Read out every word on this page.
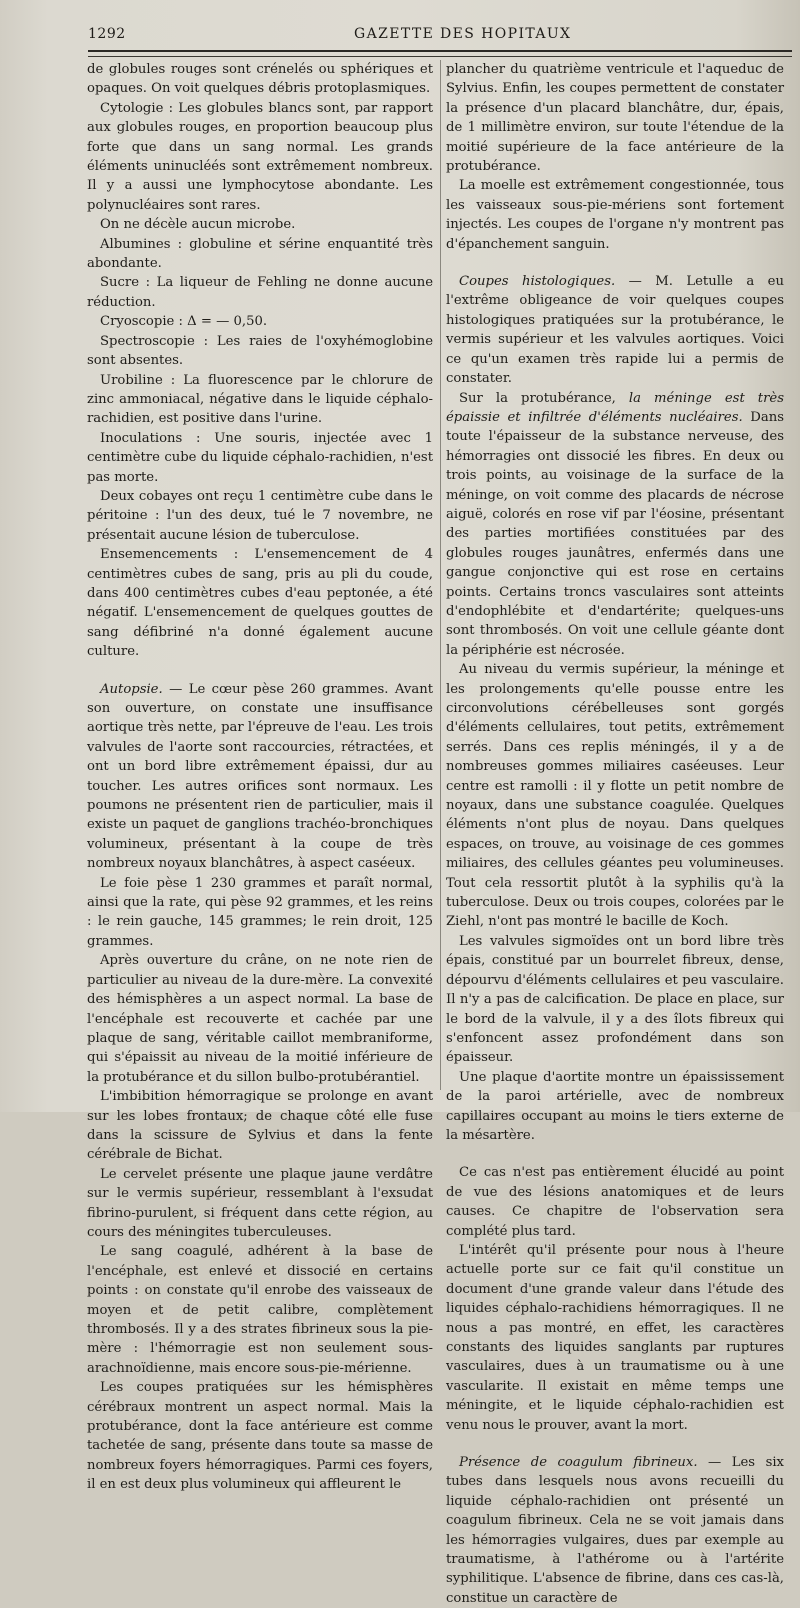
1292	GAZETTE DES HOPITAUX

de globules rouges sont crénelés ou sphériques et opaques. On voit quelques débris protoplasmiques.

Cytologie : Les globules blancs sont, par rapport aux globules rouges, en proportion beaucoup plus forte que dans un sang normal. Les grands éléments uninucléés sont extrêmement nombreux. Il y a aussi une lymphocytose abondante. Les polynucléaires sont rares.

On ne décèle aucun microbe.

Albumines : globuline et sérine enquantité très abondante.

Sucre : La liqueur de Fehling ne donne aucune réduction.

Cryoscopie : Δ = — 0,50.

Spectroscopie : Les raies de l'oxyhémoglobine sont absentes.

Urobiline : La fluorescence par le chlorure de zinc ammoniacal, négative dans le liquide céphalo-rachidien, est positive dans l'urine.

Inoculations : Une souris, injectée avec 1 centimètre cube du liquide céphalo-rachidien, n'est pas morte.

Deux cobayes ont reçu 1 centimètre cube dans le péritoine : l'un des deux, tué le 7 novembre, ne présentait aucune lésion de tuberculose.

Ensemencements : L'ensemencement de 4 centimètres cubes de sang, pris au pli du coude, dans 400 centimètres cubes d'eau peptonée, a été négatif. L'ensemencement de quelques gouttes de sang défibriné n'a donné également aucune culture.

Autopsie. — Le cœur pèse 260 grammes. Avant son ouverture, on constate une insuffisance aortique très nette, par l'épreuve de l'eau. Les trois valvules de l'aorte sont raccourcies, rétractées, et ont un bord libre extrêmement épaissi, dur au toucher. Les autres orifices sont normaux. Les poumons ne présentent rien de particulier, mais il existe un paquet de ganglions trachéo-bronchiques volumineux, présentant à la coupe de très nombreux noyaux blanchâtres, à aspect caséeux.

Le foie pèse 1 230 grammes et paraît normal, ainsi que la rate, qui pèse 92 grammes, et les reins : le rein gauche, 145 grammes; le rein droit, 125 grammes.

Après ouverture du crâne, on ne note rien de particulier au niveau de la dure-mère. La convexité des hémisphères a un aspect normal. La base de l'encéphale est recouverte et cachée par une plaque de sang, véritable caillot membraniforme, qui s'épaissit au niveau de la moitié inférieure de la protubérance et du sillon bulbo-protubérantiel.

L'imbibition hémorragique se prolonge en avant sur les lobes frontaux; de chaque côté elle fuse dans la scissure de Sylvius et dans la fente cérébrale de Bichat.

Le cervelet présente une plaque jaune verdâtre sur le vermis supérieur, ressemblant à l'exsudat fibrino-purulent, si fréquent dans cette région, au cours des méningites tuberculeuses.

Le sang coagulé, adhérent à la base de l'encéphale, est enlevé et dissocié en certains points : on constate qu'il enrobe des vaisseaux de moyen et de petit calibre, complètement thrombosés. Il y a des strates fibrineux sous la pie-mère : l'hémorragie est non seulement sous-arachnoïdienne, mais encore sous-pie-mérienne.

Les coupes pratiquées sur les hémisphères cérébraux montrent un aspect normal. Mais la protubérance, dont la face antérieure est comme tachetée de sang, présente dans toute sa masse de nombreux foyers hémorragiques. Parmi ces foyers, il en est deux plus volumineux qui affleurent le

plancher du quatrième ventricule et l'aqueduc de Sylvius. Enfin, les coupes permettent de constater la présence d'un placard blanchâtre, dur, épais, de 1 millimètre environ, sur toute l'étendue de la moitié supérieure de la face antérieure de la protubérance.

La moelle est extrêmement congestionnée, tous les vaisseaux sous-pie-mériens sont fortement injectés. Les coupes de l'organe n'y montrent pas d'épanchement sanguin.

Coupes histologiques. — M. Letulle a eu l'extrême obligeance de voir quelques coupes histologiques pratiquées sur la protubérance, le vermis supérieur et les valvules aortiques. Voici ce qu'un examen très rapide lui a permis de constater.

Sur la protubérance, la méninge est très épaissie et infiltrée d'éléments nucléaires. Dans toute l'épaisseur de la substance nerveuse, des hémorragies ont dissocié les fibres. En deux ou trois points, au voisinage de la surface de la méninge, on voit comme des placards de nécrose aiguë, colorés en rose vif par l'éosine, présentant des parties mortifiées constituées par des globules rouges jaunâtres, enfermés dans une gangue conjonctive qui est rose en certains points. Certains troncs vasculaires sont atteints d'endophlébite et d'endartérite; quelques-uns sont thrombosés. On voit une cellule géante dont la périphérie est nécrosée.

Au niveau du vermis supérieur, la méninge et les prolongements qu'elle pousse entre les circonvolutions cérébelleuses sont gorgés d'éléments cellulaires, tout petits, extrêmement serrés. Dans ces replis méningés, il y a de nombreuses gommes miliaires caséeuses. Leur centre est ramolli : il y flotte un petit nombre de noyaux, dans une substance coagulée. Quelques éléments n'ont plus de noyau. Dans quelques espaces, on trouve, au voisinage de ces gommes miliaires, des cellules géantes peu volumineuses. Tout cela ressortit plutôt à la syphilis qu'à la tuberculose. Deux ou trois coupes, colorées par le Ziehl, n'ont pas montré le bacille de Koch.

Les valvules sigmoïdes ont un bord libre très épais, constitué par un bourrelet fibreux, dense, dépourvu d'éléments cellulaires et peu vasculaire. Il n'y a pas de calcification. De place en place, sur le bord de la valvule, il y a des îlots fibreux qui s'enfoncent assez profondément dans son épaisseur.

Une plaque d'aortite montre un épaississement de la paroi artérielle, avec de nombreux capillaires occupant au moins le tiers externe de la mésartère.

Ce cas n'est pas entièrement élucidé au point de vue des lésions anatomiques et de leurs causes. Ce chapitre de l'observation sera complété plus tard.

L'intérêt qu'il présente pour nous à l'heure actuelle porte sur ce fait qu'il constitue un document d'une grande valeur dans l'étude des liquides céphalo-rachidiens hémorragiques. Il ne nous a pas montré, en effet, les caractères constants des liquides sanglants par ruptures vasculaires, dues à un traumatisme ou à une vascularite. Il existait en même temps une méningite, et le liquide céphalo-rachidien est venu nous le prouver, avant la mort.

Présence de coagulum fibrineux. — Les six tubes dans lesquels nous avons recueilli du liquide céphalo-rachidien ont présenté un coagulum fibrineux. Cela ne se voit jamais dans les hémorragies vulgaires, dues par exemple au traumatisme, à l'athérome ou à l'artérite syphilitique. L'absence de fibrine, dans ces cas-là, constitue un caractère de
